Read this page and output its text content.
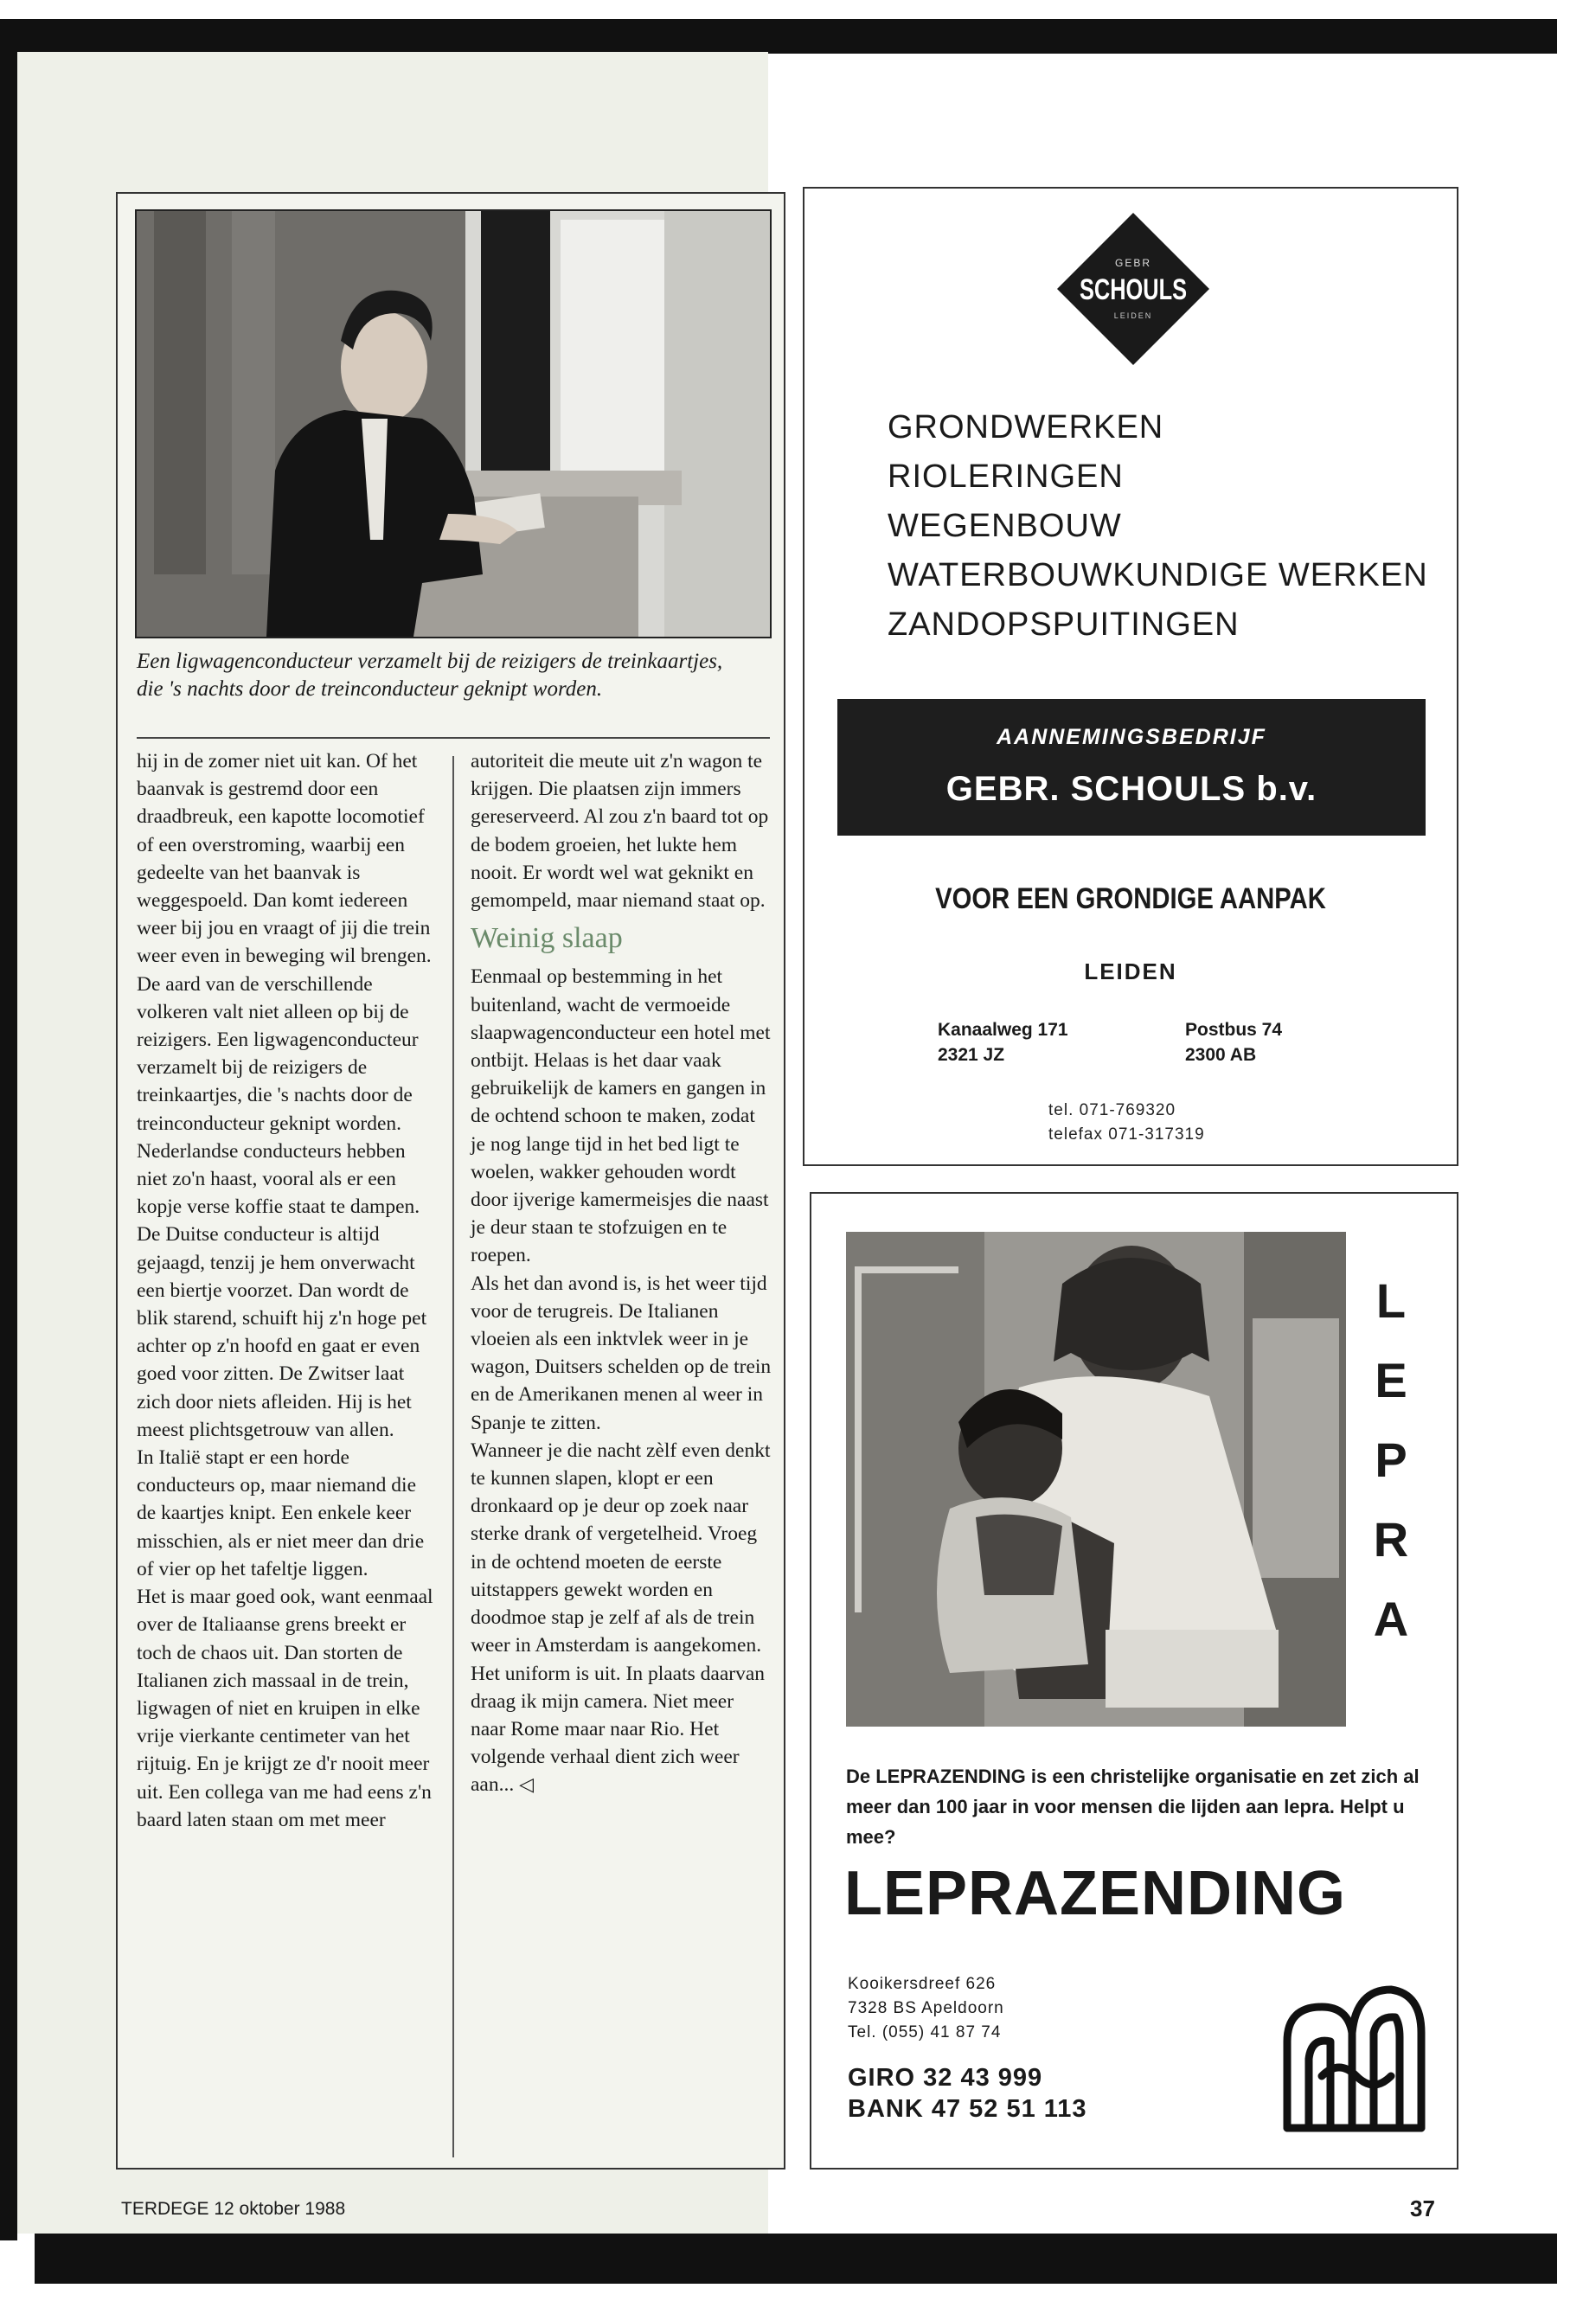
Een ligwagenconducteur verzamelt bij de reizigers de treinkaartjes, die 's nachts door de treinconducteur geknipt worden.

hij in de zomer niet uit kan. Of het baanvak is gestremd door een draadbreuk, een kapotte locomotief of een overstroming, waarbij een gedeelte van het baanvak is weggespoeld. Dan komt iedereen weer bij jou en vraagt of jij die trein weer even in beweging wil brengen.

De aard van de verschillende volkeren valt niet alleen op bij de reizigers. Een ligwagenconducteur verzamelt bij de reizigers de treinkaartjes, die 's nachts door de treinconducteur geknipt worden. Nederlandse conducteurs hebben niet zo'n haast, vooral als er een kopje verse koffie staat te dampen. De Duitse conducteur is altijd gejaagd, tenzij je hem onverwacht een biertje voorzet. Dan wordt de blik starend, schuift hij z'n hoge pet achter op z'n hoofd en gaat er even goed voor zitten. De Zwitser laat zich door niets afleiden. Hij is het meest plichtsgetrouw van allen.

In Italië stapt er een horde conducteurs op, maar niemand die de kaartjes knipt. Een enkele keer misschien, als er niet meer dan drie of vier op het tafeltje liggen.

Het is maar goed ook, want eenmaal over de Italiaanse grens breekt er toch de chaos uit. Dan storten de Italianen zich massaal in de trein, ligwagen of niet en kruipen in elke vrije vierkante centimeter van het rijtuig. En je krijgt ze d'r nooit meer uit. Een collega van me had eens z'n baard laten staan om met meer

autoriteit die meute uit z'n wagon te krijgen. Die plaatsen zijn immers gereserveerd. Al zou z'n baard tot op de bodem groeien, het lukte hem nooit. Er wordt wel wat geknikt en gemompeld, maar niemand staat op.

Weinig slaap

Eenmaal op bestemming in het buitenland, wacht de vermoeide slaapwagenconducteur een hotel met ontbijt. Helaas is het daar vaak gebruikelijk de kamers en gangen in de ochtend schoon te maken, zodat je nog lange tijd in het bed ligt te woelen, wakker gehouden wordt door ijverige kamermeisjes die naast je deur staan te stofzuigen en te roepen.

Als het dan avond is, is het weer tijd voor de terugreis. De Italianen vloeien als een inktvlek weer in je wagon, Duitsers schelden op de trein en de Amerikanen menen al weer in Spanje te zitten.

Wanneer je die nacht zèlf even denkt te kunnen slapen, klopt er een dronkaard op je deur op zoek naar sterke drank of vergetelheid. Vroeg in de ochtend moeten de eerste uitstappers gewekt worden en doodmoe stap je zelf af als de trein weer in Amsterdam is aangekomen.

Het uniform is uit. In plaats daarvan draag ik mijn camera. Niet meer naar Rome maar naar Rio. Het volgende verhaal dient zich weer aan... ◁

GEBR
SCHOULS
LEIDEN
GRONDWERKEN
RIOLERINGEN
WEGENBOUW
WATERBOUWKUNDIGE WERKEN
ZANDOPSPUITINGEN
AANNEMINGSBEDRIJF
GEBR. SCHOULS b.v.
VOOR EEN GRONDIGE AANPAK
LEIDEN
Kanaalweg 171
2321 JZ
Postbus 74
2300 AB
tel. 071-769320
telefax 071-317319
L
E
P
R
A
De LEPRAZENDING is een christelijke organisatie en zet zich al meer dan 100 jaar in voor mensen die lijden aan lepra. Helpt u mee?
LEPRAZENDING
Kooikersdreef 626
7328 BS Apeldoorn
Tel. (055) 41 87 74
GIRO 32 43 999
BANK 47 52 51 113
TERDEGE 12 oktober 1988	37
